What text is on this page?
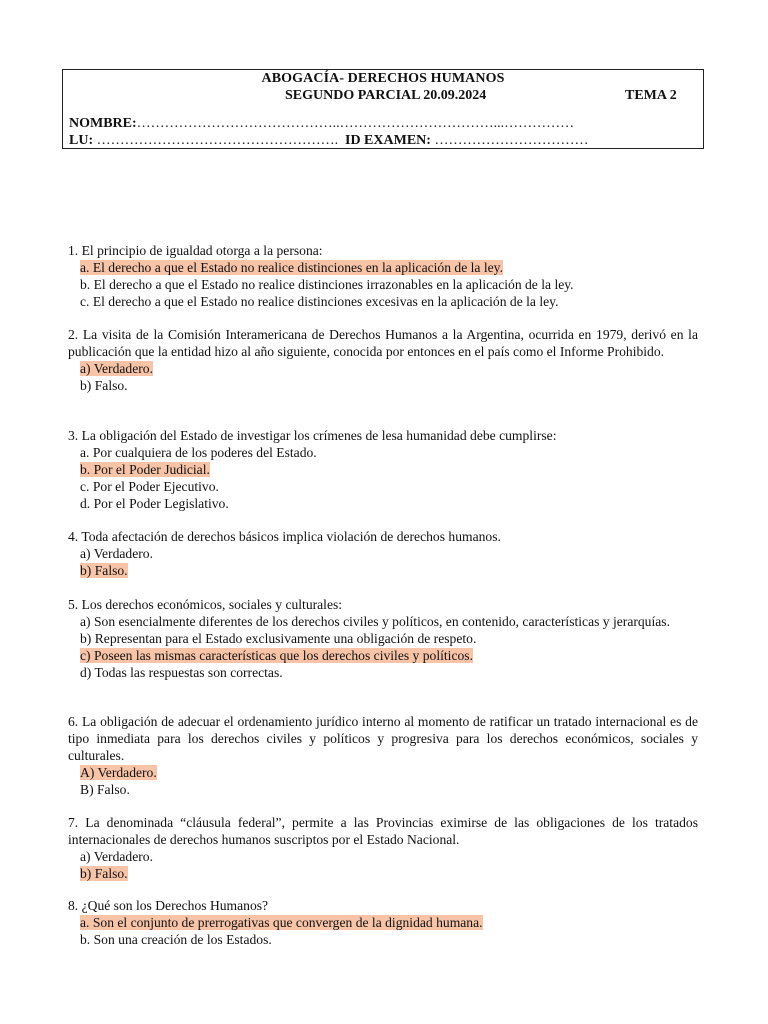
ABOGACÍA- DERECHOS HUMANOS
SEGUNDO PARCIAL 20.09.2024	TEMA 2
NOMBRE:……………………………………..……………………………...……………
LU: ……………………………………………. ID EXAMEN: ……………………………

1. El principio de igualdad otorga a la persona:

a. El derecho a que el Estado no realice distinciones en la aplicación de la ley.

b. El derecho a que el Estado no realice distinciones irrazonables en la aplicación de la ley.

c. El derecho a que el Estado no realice distinciones excesivas en la aplicación de la ley.

2. La visita de la Comisión Interamericana de Derechos Humanos a la Argentina, ocurrida en 1979, derivó en la publicación que la entidad hizo al año siguiente, conocida por entonces en el país como el Informe Prohibido.

a) Verdadero.

b) Falso.

3. La obligación del Estado de investigar los crímenes de lesa humanidad debe cumplirse:

a. Por cualquiera de los poderes del Estado.

b. Por el Poder Judicial.

c. Por el Poder Ejecutivo.

d. Por el Poder Legislativo.

4. Toda afectación de derechos básicos implica violación de derechos humanos.

a) Verdadero.

b) Falso.

5. Los derechos económicos, sociales y culturales:

a) Son esencialmente diferentes de los derechos civiles y políticos, en contenido, características y jerarquías.

b) Representan para el Estado exclusivamente una obligación de respeto.

c) Poseen las mismas características que los derechos civiles y políticos.

d) Todas las respuestas son correctas.

6. La obligación de adecuar el ordenamiento jurídico interno al momento de ratificar un tratado internacional es de tipo inmediata para los derechos civiles y políticos y progresiva para los derechos económicos, sociales y culturales.

A) Verdadero.

B) Falso.

7. La denominada “cláusula federal”, permite a las Provincias eximirse de las obligaciones de los tratados internacionales de derechos humanos suscriptos por el Estado Nacional.

a) Verdadero.

b) Falso.

8. ¿Qué son los Derechos Humanos?

a. Son el conjunto de prerrogativas que convergen de la dignidad humana.

b. Son una creación de los Estados.
